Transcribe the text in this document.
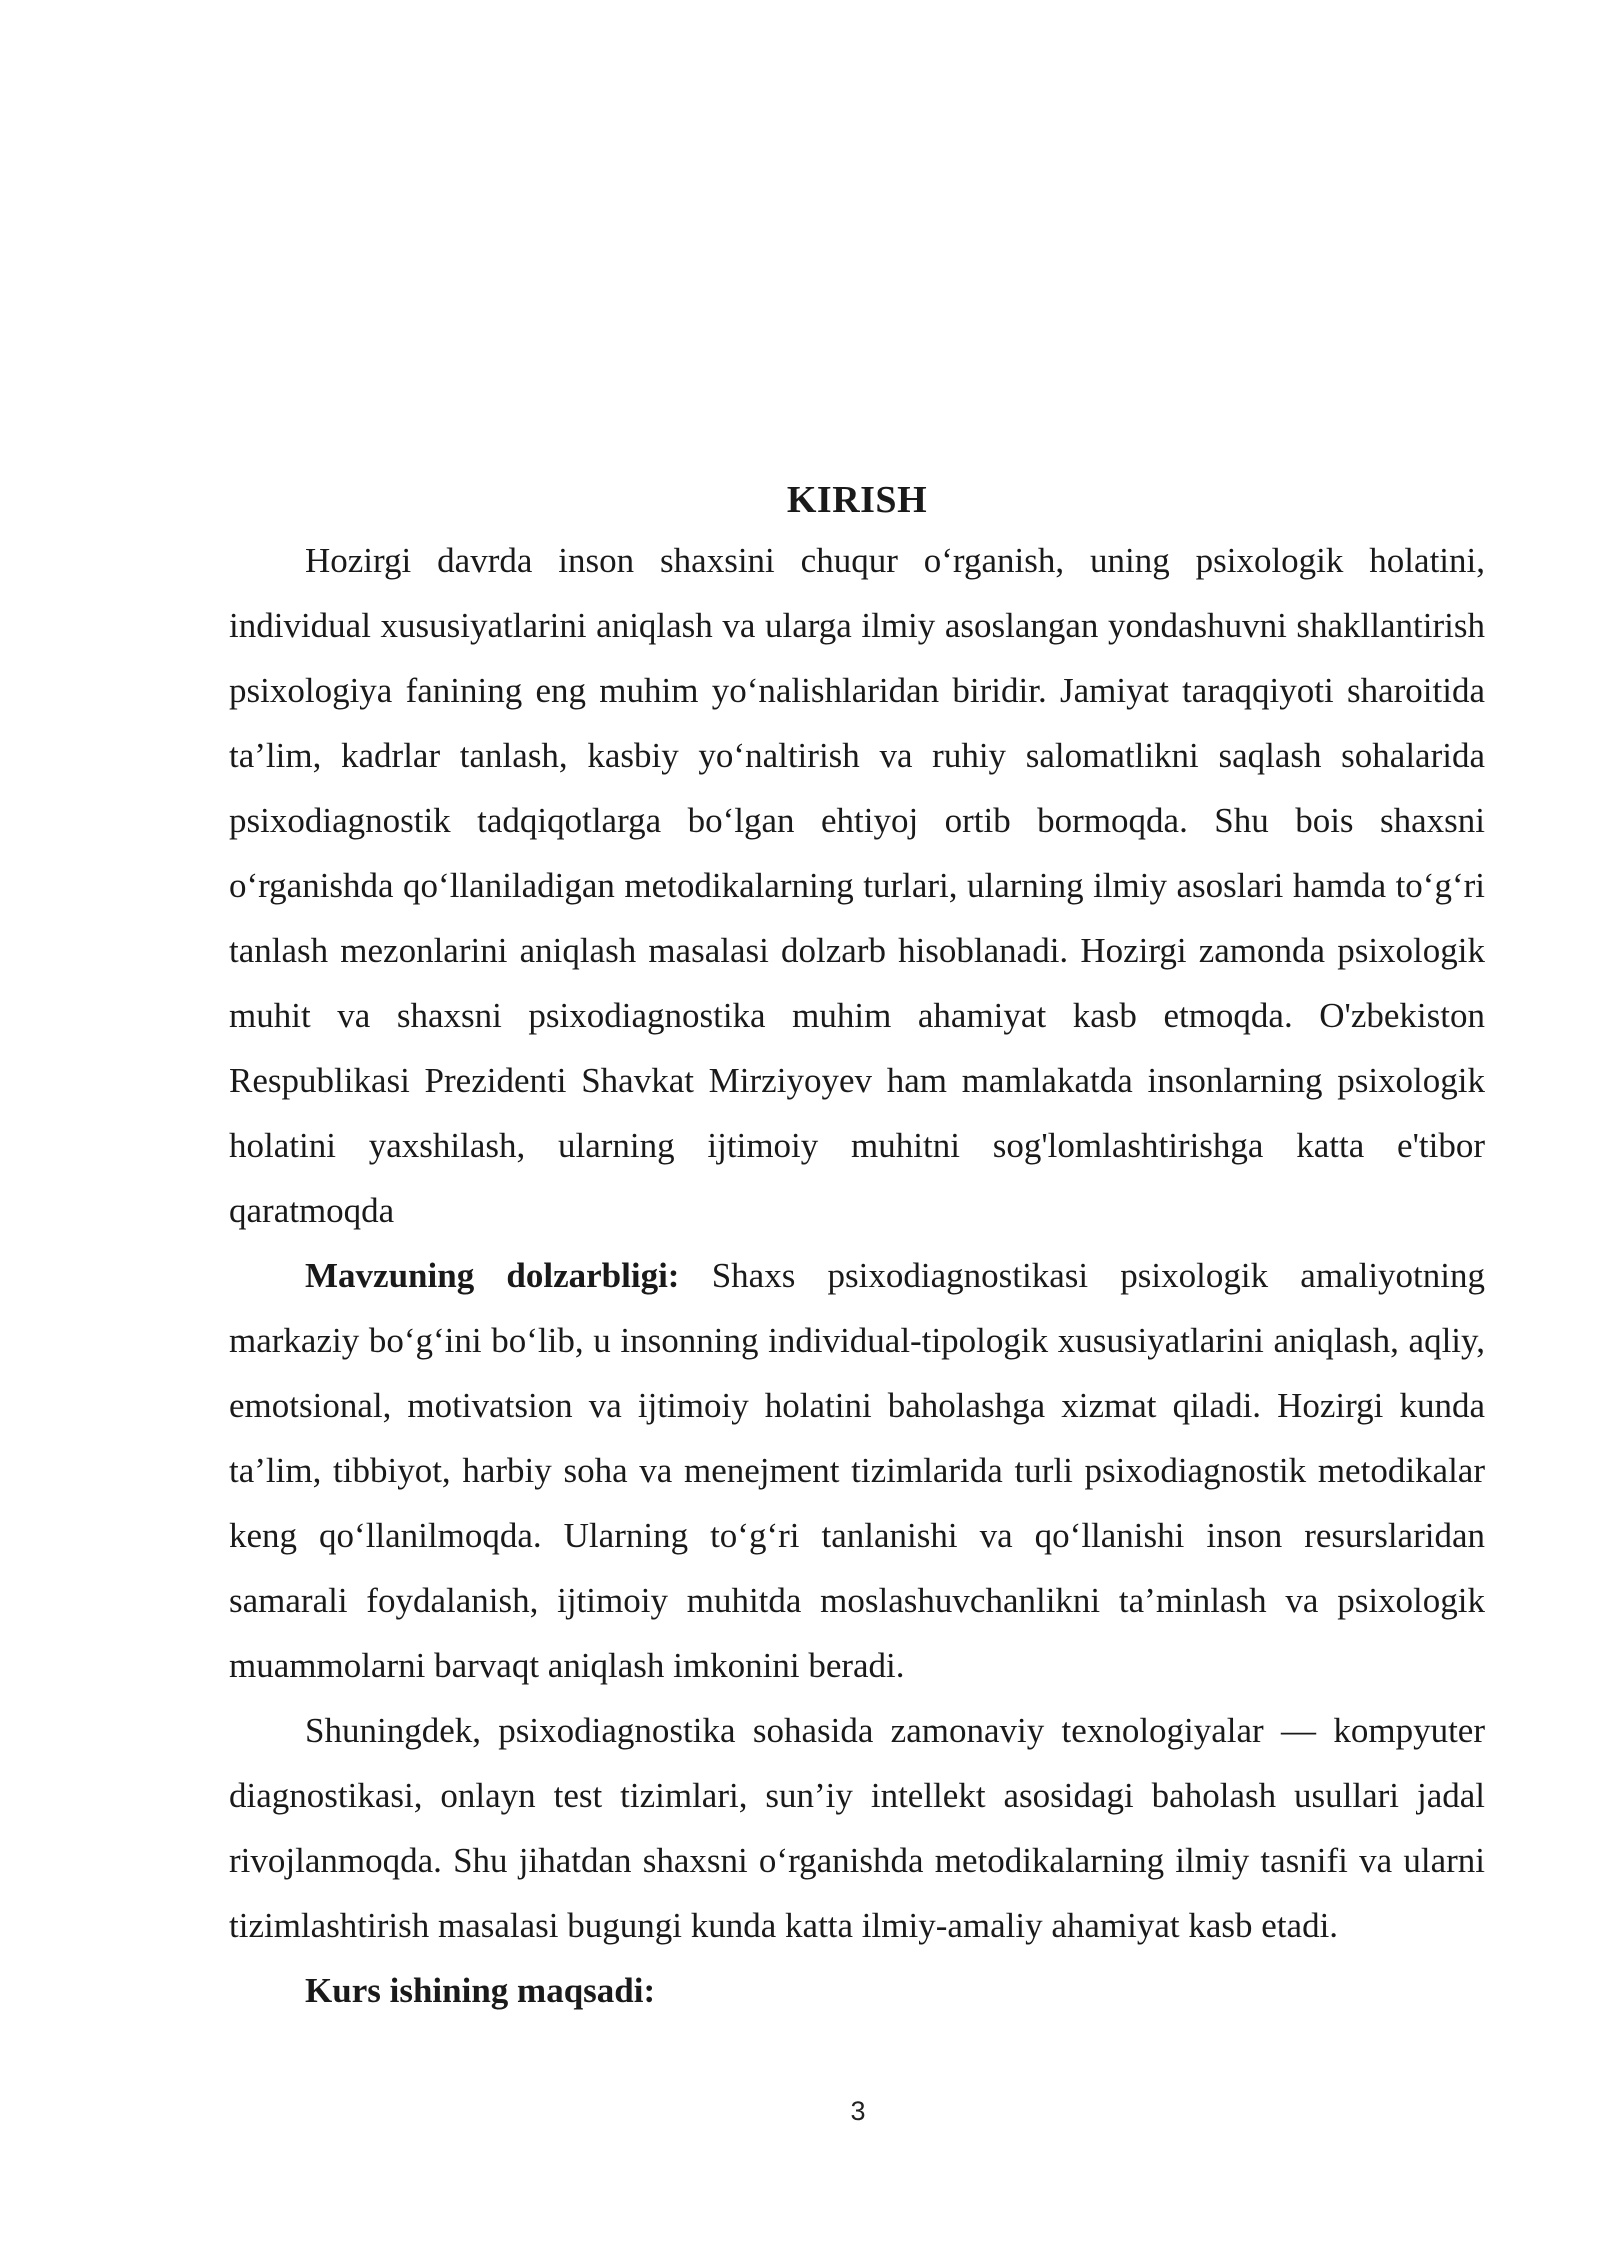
KIRISH

Hozirgi davrda inson shaxsini chuqur o‘rganish, uning psixologik holatini, individual xususiyatlarini aniqlash va ularga ilmiy asoslangan yondashuvni shakllantirish psixologiya fanining eng muhim yo‘nalishlaridan biridir. Jamiyat taraqqiyoti sharoitida ta’lim, kadrlar tanlash, kasbiy yo‘naltirish va ruhiy salomatlikni saqlash sohalarida psixodiagnostik tadqiqotlarga bo‘lgan ehtiyoj ortib bormoqda. Shu bois shaxsni o‘rganishda qo‘llaniladigan metodikalarning turlari, ularning ilmiy asoslari hamda to‘g‘ri tanlash mezonlarini aniqlash masalasi dolzarb hisoblanadi. Hozirgi zamonda psixologik muhit va shaxsni psixodiagnostika muhim ahamiyat kasb etmoqda. O'zbekiston Respublikasi Prezidenti Shavkat Mirziyoyev ham mamlakatda insonlarning psixologik holatini yaxshilash, ularning ijtimoiy muhitni sog'lomlashtirishga katta e'tibor qaratmoqda

Mavzuning dolzarbligi: Shaxs psixodiagnostikasi psixologik amaliyotning markaziy bo‘g‘ini bo‘lib, u insonning individual-tipologik xususiyatlarini aniqlash, aqliy, emotsional, motivatsion va ijtimoiy holatini baholashga xizmat qiladi. Hozirgi kunda ta’lim, tibbiyot, harbiy soha va menejment tizimlarida turli psixodiagnostik metodikalar keng qo‘llanilmoqda. Ularning to‘g‘ri tanlanishi va qo‘llanishi inson resurslaridan samarali foydalanish, ijtimoiy muhitda moslashuvchanlikni ta’minlash va psixologik muammolarni barvaqt aniqlash imkonini beradi.

Shuningdek, psixodiagnostika sohasida zamonaviy texnologiyalar — kompyuter diagnostikasi, onlayn test tizimlari, sun’iy intellekt asosidagi baholash usullari jadal rivojlanmoqda. Shu jihatdan shaxsni o‘rganishda metodikalarning ilmiy tasnifi va ularni tizimlashtirish masalasi bugungi kunda katta ilmiy-amaliy ahamiyat kasb etadi.

Kurs ishining maqsadi:

3
